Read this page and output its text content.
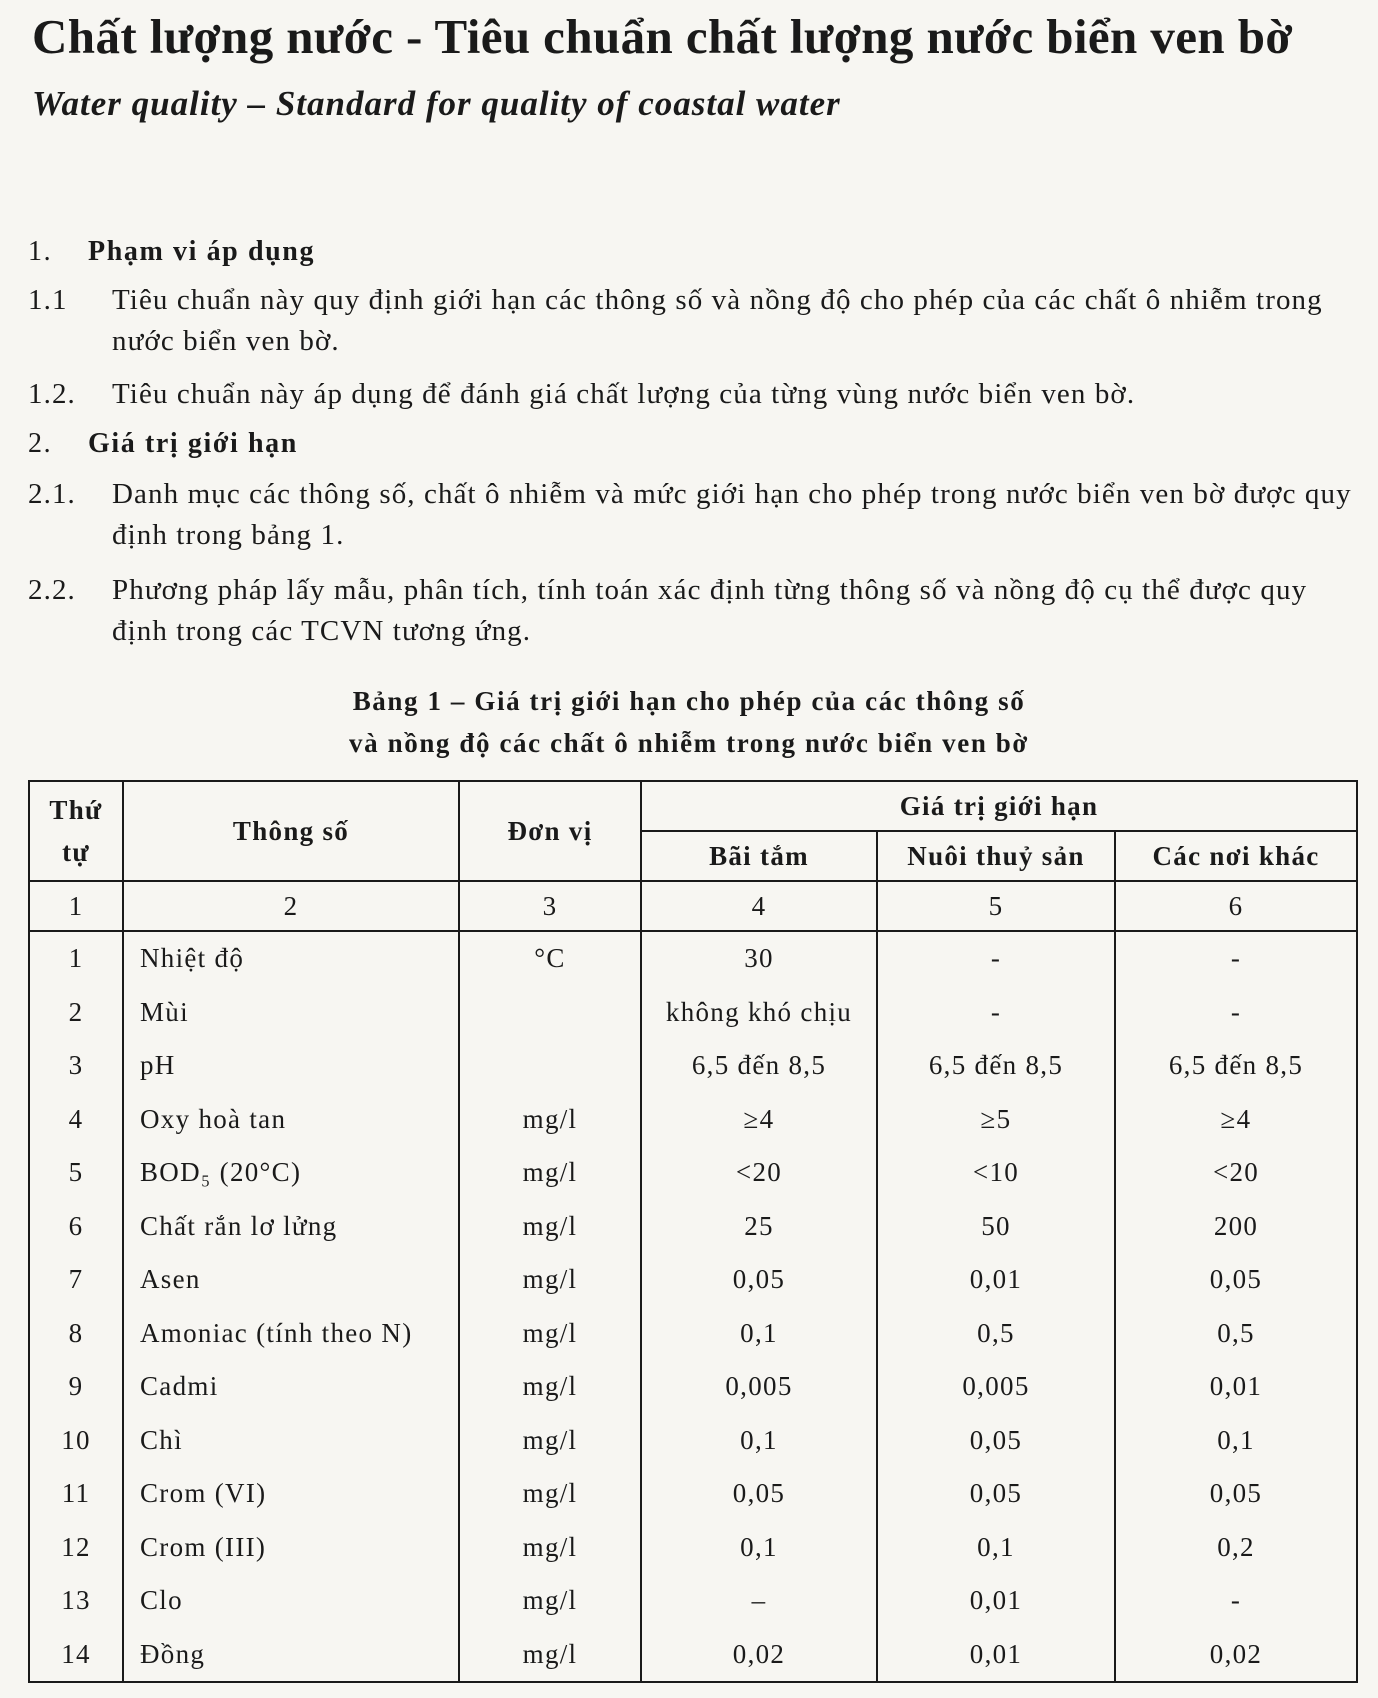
Chất lượng nước - Tiêu chuẩn chất lượng nước biển ven bờ
Water quality – Standard for quality of coastal water
1. Phạm vi áp dụng
1.1 Tiêu chuẩn này quy định giới hạn các thông số và nồng độ cho phép của các chất ô nhiễm trong nước biển ven bờ.
1.2. Tiêu chuẩn này áp dụng để đánh giá chất lượng của từng vùng nước biển ven bờ.
2. Giá trị giới hạn
2.1. Danh mục các thông số, chất ô nhiễm và mức giới hạn cho phép trong nước biển ven bờ được quy định trong bảng 1.
2.2. Phương pháp lấy mẫu, phân tích, tính toán xác định từng thông số và nồng độ cụ thể được quy định trong các TCVN tương ứng.
Bảng 1 – Giá trị giới hạn cho phép của các thông số
và nồng độ các chất ô nhiễm trong nước biển ven bờ
Thứ
tự	Thông số	Đơn vị	Giá trị giới hạn		
			Bãi tắm	Nuôi thuỷ sản	Các nơi khác
1	2	3	4	5	6
1	Nhiệt độ	°C	30	-	-
2	Mùi		không khó chịu	-	-
3	pH		6,5 đến 8,5	6,5 đến 8,5	6,5 đến 8,5
4	Oxy hoà tan	mg/l	≥4	≥5	≥4
5	BOD₅ (20°C)	mg/l	<20	<10	<20
6	Chất rắn lơ lửng	mg/l	25	50	200
7	Asen	mg/l	0,05	0,01	0,05
8	Amoniac (tính theo N)	mg/l	0,1	0,5	0,5
9	Cadmi	mg/l	0,005	0,005	0,01
10	Chì	mg/l	0,1	0,05	0,1
11	Crom (VI)	mg/l	0,05	0,05	0,05
12	Crom (III)	mg/l	0,1	0,1	0,2
13	Clo	mg/l	–	0,01	-
14	Đồng	mg/l	0,02	0,01	0,02
